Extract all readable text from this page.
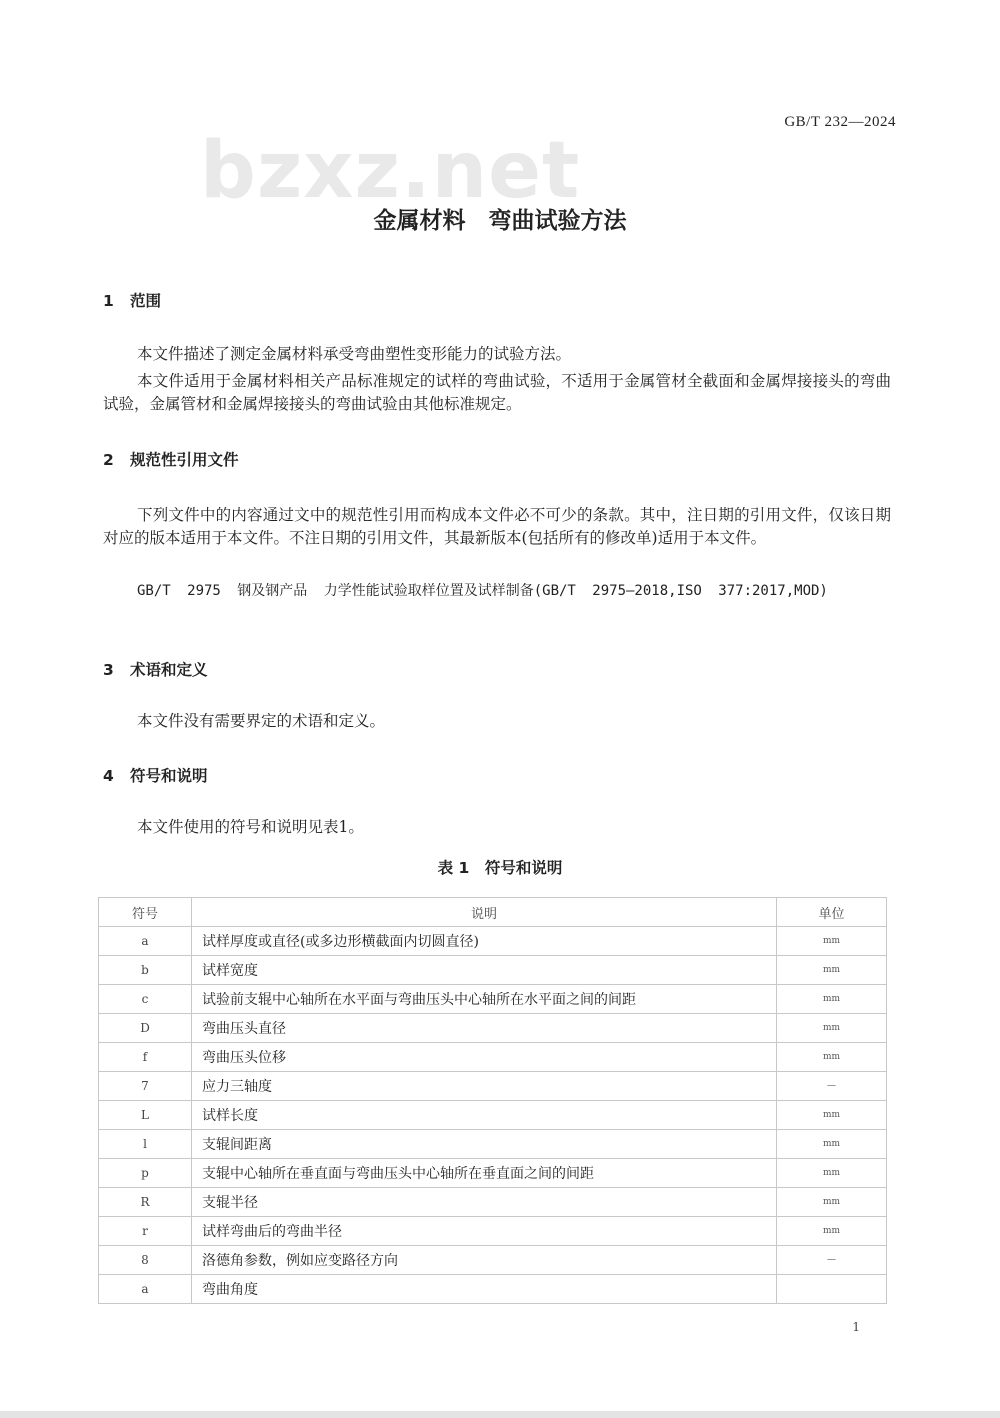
bzxz.net
GB/T 232—2024
金属材料　弯曲试验方法
1 范围
本文件描述了测定金属材料承受弯曲塑性变形能力的试验方法。
本文件适用于金属材料相关产品标准规定的试样的弯曲试验，不适用于金属管材全截面和金属焊接接头的弯曲试验，金属管材和金属焊接接头的弯曲试验由其他标准规定。
2 规范性引用文件
下列文件中的内容通过文中的规范性引用而构成本文件必不可少的条款。其中，注日期的引用文件，仅该日期对应的版本适用于本文件。不注日期的引用文件，其最新版本(包括所有的修改单)适用于本文件。
GB/T 2975 钢及钢产品 力学性能试验取样位置及试样制备(GB/T 2975—2018,ISO 377:2017,MOD)
3 术语和定义
本文件没有需要界定的术语和定义。
4 符号和说明
本文件使用的符号和说明见表1。
表 1　符号和说明
符号	说明	单位
a	试样厚度或直径(或多边形横截面内切圆直径)	mm
b	试样宽度	mm
c	试验前支辊中心轴所在水平面与弯曲压头中心轴所在水平面之间的间距	mm
D	弯曲压头直径	mm
f	弯曲压头位移	mm
7	应力三轴度	—
L	试样长度	mm
l	支辊间距离	mm
p	支辊中心轴所在垂直面与弯曲压头中心轴所在垂直面之间的间距	mm
R	支辊半径	mm
r	试样弯曲后的弯曲半径	mm
8	洛德角参数，例如应变路径方向	—
a	弯曲角度	
1
